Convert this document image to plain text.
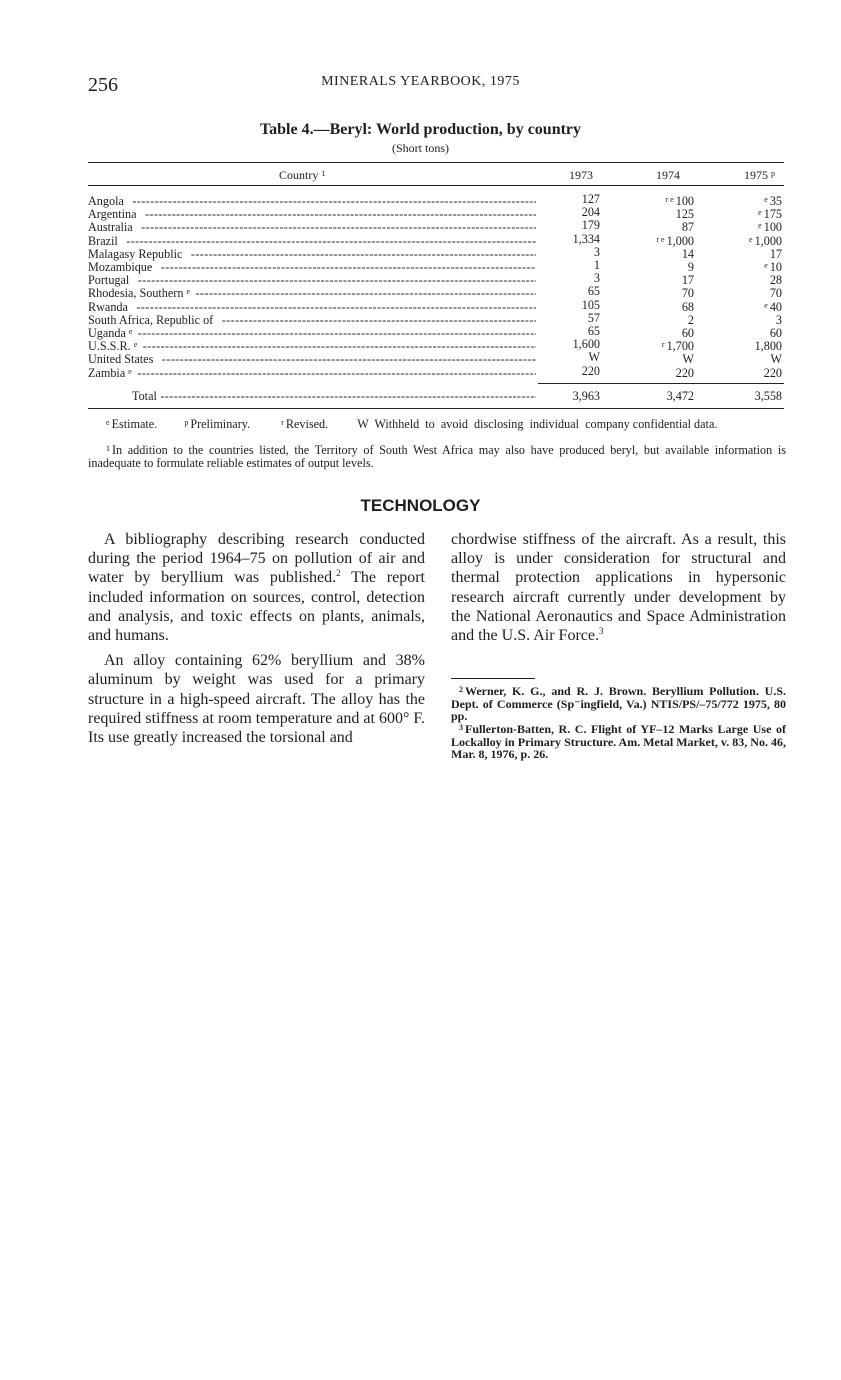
256	MINERALS YEARBOOK, 1975
Table 4.—Beryl: World production, by country
(Short tons)
Country $^1$	1973	1974	1975 $^p$
Angola -----	127	$^{r e}$ 100	$^e$ 35
Argentina -----	204	125	$^e$ 175
Australia -----	179	87	$^e$ 100
Brazil -----	1,334	$^{r e}$ 1,000	$^e$ 1,000
Malagasy Republic -----	3	14	17
Mozambique -----	1	9	$^e$ 10
Portugal -----	3	17	28
Rhodesia, Southern $^e$ -----	65	70	70
Rwanda -----	105	68	$^e$ 40
South Africa, Republic of -----	57	2	3
Uganda $^e$ -----	65	60	60
U.S.S.R. $^e$ -----	1,600	$^r$ 1,700	1,800
United States -----	W	W	W
Zambia $^e$ -----	220	220	220
Total -----	3,963	3,472	3,558
$^e$ Estimate.	$^p$ Preliminary.	$^r$ Revised. W  Withheld  to  avoid  disclosing  individual  company confidential data.
$^1$ In addition to the countries listed, the Territory of South West Africa may also have produced beryl, but available information is inadequate to formulate reliable estimates of output levels.
TECHNOLOGY

A bibliography describing research conducted during the period 1964–75 on pollution of air and water by beryllium was published.$^2$ The report included information on sources, control, detection and analysis, and toxic effects on plants, animals, and humans.

An alloy containing 62% beryllium and 38% aluminum by weight was used for a primary structure in a high-speed aircraft. The alloy has the required stiffness at room temperature and at 600° F. Its use greatly increased the torsional and

chordwise stiffness of the aircraft. As a result, this alloy is under consideration for structural and thermal protection applications in hypersonic research aircraft currently under development by the National Aeronautics and Space Administration and the U.S. Air Force.$^3$

$^2$ Werner, K. G., and R. J. Brown. Beryllium Pollution. U.S. Dept. of Commerce (Sp⁻ingfield, Va.) NTIS/PS/–75/772 1975, 80 pp.
$^3$ Fullerton-Batten, R. C. Flight of YF–12 Marks Large Use of Lockalloy in Primary Structure. Am. Metal Market, v. 83, No. 46, Mar. 8, 1976, p. 26.
